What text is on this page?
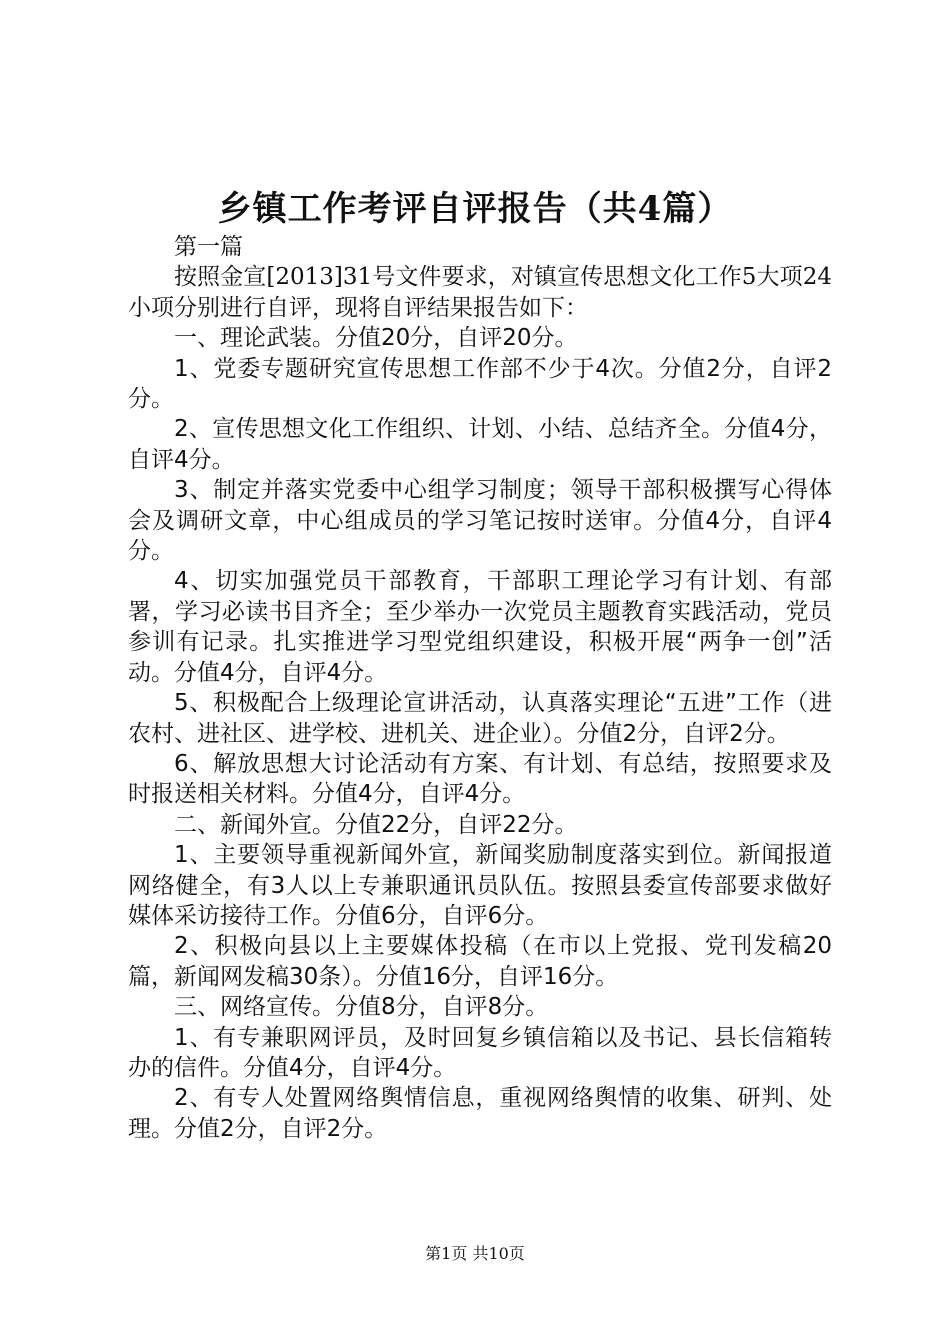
乡镇工作考评自评报告（共4篇）

第一篇

按照金宣[2013]31号文件要求，对镇宣传思想文化工作5大项24小项分别进行自评，现将自评结果报告如下：

一、理论武装。分值20分，自评20分。

1、党委专题研究宣传思想工作部不少于4次。分值2分，自评2分。

2、宣传思想文化工作组织、计划、小结、总结齐全。分值4分，自评4分。

3、制定并落实党委中心组学习制度；领导干部积极撰写心得体会及调研文章，中心组成员的学习笔记按时送审。分值4分，自评4分。

4、切实加强党员干部教育，干部职工理论学习有计划、有部署，学习必读书目齐全；至少举办一次党员主题教育实践活动，党员参训有记录。扎实推进学习型党组织建设，积极开展“两争一创”活动。分值4分，自评4分。

5、积极配合上级理论宣讲活动，认真落实理论“五进”工作（进农村、进社区、进学校、进机关、进企业）。分值2分，自评2分。

6、解放思想大讨论活动有方案、有计划、有总结，按照要求及时报送相关材料。分值4分，自评4分。

二、新闻外宣。分值22分，自评22分。

1、主要领导重视新闻外宣，新闻奖励制度落实到位。新闻报道网络健全，有3人以上专兼职通讯员队伍。按照县委宣传部要求做好媒体采访接待工作。分值6分，自评6分。

2、积极向县以上主要媒体投稿（在市以上党报、党刊发稿20篇，新闻网发稿30条）。分值16分，自评16分。

三、网络宣传。分值8分，自评8分。

1、有专兼职网评员，及时回复乡镇信箱以及书记、县长信箱转办的信件。分值4分，自评4分。

2、有专人处置网络舆情信息，重视网络舆情的收集、研判、处理。分值2分，自评2分。

第1页 共10页
